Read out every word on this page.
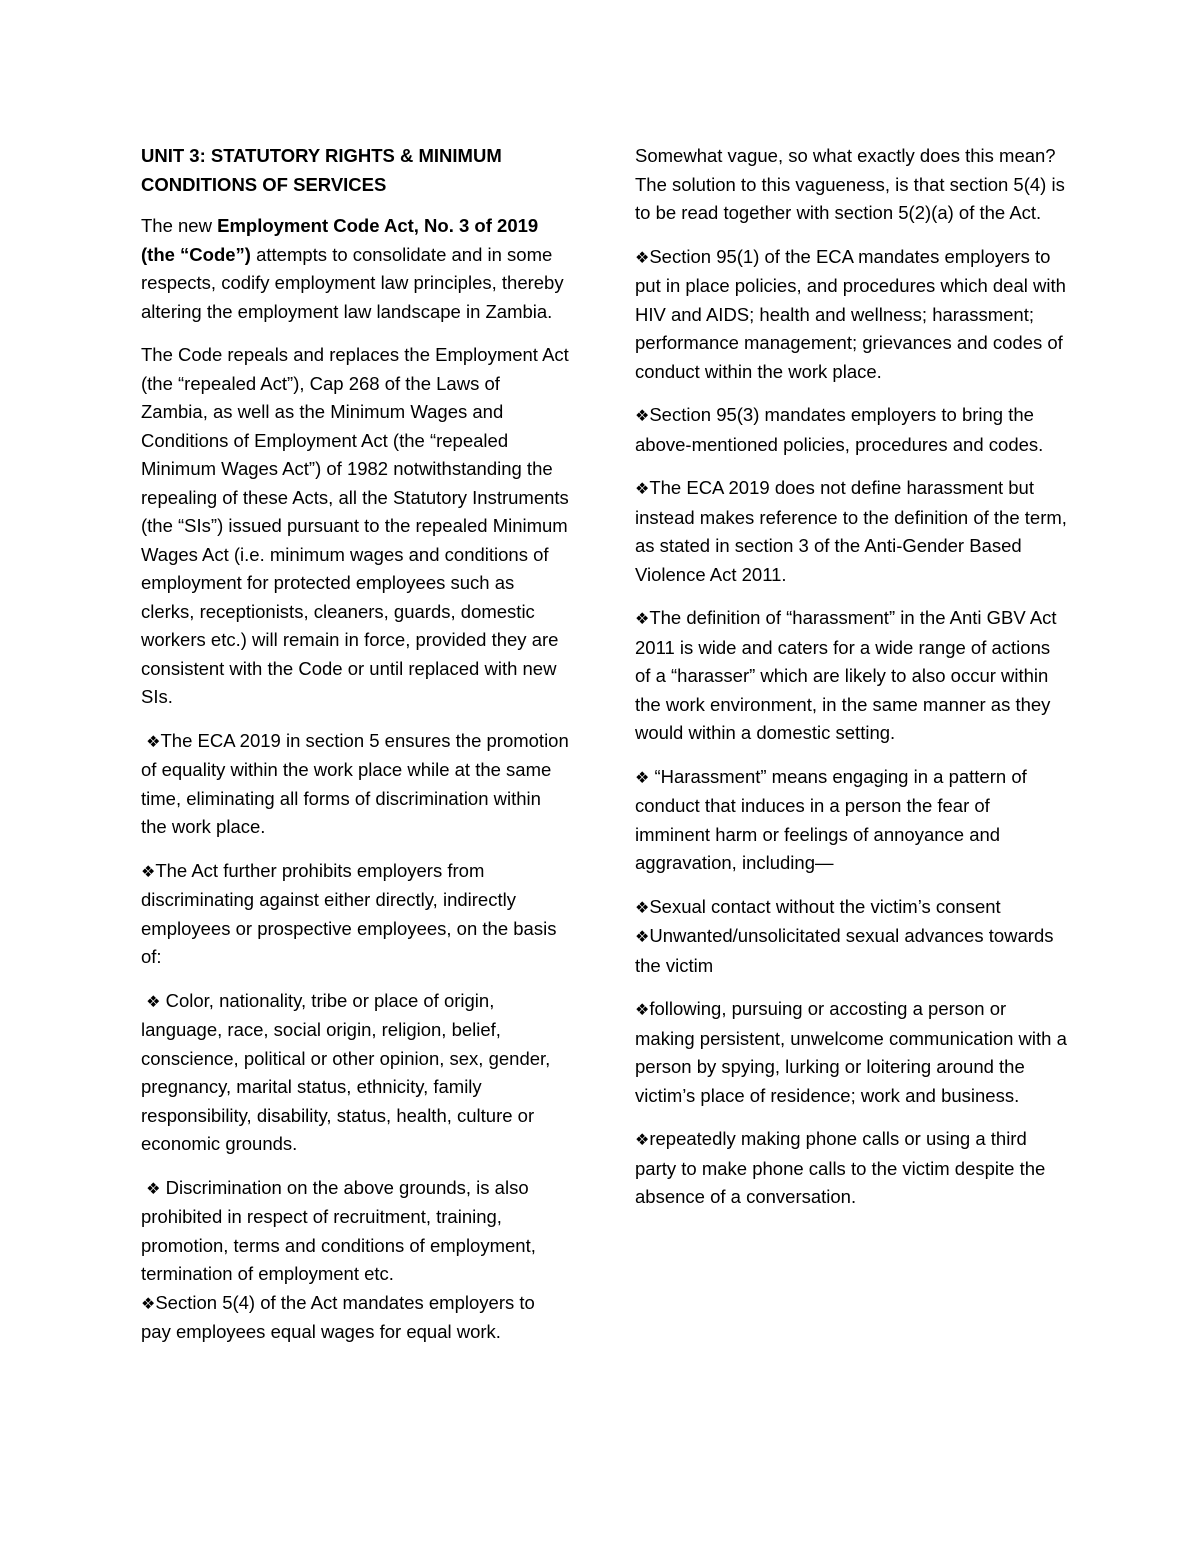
UNIT 3: STATUTORY RIGHTS & MINIMUM
CONDITIONS OF SERVICES

The new Employment Code Act, No. 3 of 2019 (the “Code”) attempts to consolidate and in some respects, codify employment law principles, thereby altering the employment law landscape in Zambia.

The Code repeals and replaces the Employment Act (the “repealed Act”), Cap 268 of the Laws of Zambia, as well as the Minimum Wages and Conditions of Employment Act (the “repealed Minimum Wages Act”) of 1982 notwithstanding the repealing of these Acts, all the Statutory Instruments (the “SIs”) issued pursuant to the repealed Minimum Wages Act (i.e. minimum wages and conditions of employment for protected employees such as clerks, receptionists, cleaners, guards, domestic workers etc.) will remain in force, provided they are consistent with the Code or until replaced with new SIs.

❖The ECA 2019 in section 5 ensures the promotion of equality within the work place while at the same time, eliminating all forms of discrimination within the work place.

❖The Act further prohibits employers from discriminating against either directly, indirectly employees or prospective employees, on the basis of:

❖ Color, nationality, tribe or place of origin, language, race, social origin, religion, belief, conscience, political or other opinion, sex, gender, pregnancy, marital status, ethnicity, family responsibility, disability, status, health, culture or economic grounds.

❖ Discrimination on the above grounds, is also prohibited in respect of recruitment, training, promotion, terms and conditions of employment, termination of employment etc.

❖Section 5(4) of the Act mandates employers to pay employees equal wages for equal work.

Somewhat vague, so what exactly does this mean? The solution to this vagueness, is that section 5(4) is to be read together with section 5(2)(a) of the Act.

❖Section 95(1) of the ECA mandates employers to put in place policies, and procedures which deal with HIV and AIDS; health and wellness; harassment; performance management; grievances and codes of conduct within the work place.

❖Section 95(3) mandates employers to bring the above-mentioned policies, procedures and codes.

❖The ECA 2019 does not define harassment but instead makes reference to the definition of the term, as stated in section 3 of the Anti-Gender Based Violence Act 2011.

❖The definition of “harassment” in the Anti GBV Act 2011 is wide and caters for a wide range of actions of a “harasser” which are likely to also occur within the work environment, in the same manner as they would within a domestic setting.

❖ “Harassment” means engaging in a pattern of conduct that induces in a person the fear of imminent harm or feelings of annoyance and aggravation, including—

❖Sexual contact without the victim’s consent

❖Unwanted/unsolicitated sexual advances towards the victim

❖following, pursuing or accosting a person or making persistent, unwelcome communication with a person by spying, lurking or loitering around the victim’s place of residence; work and business.

❖repeatedly making phone calls or using a third party to make phone calls to the victim despite the absence of a conversation.
